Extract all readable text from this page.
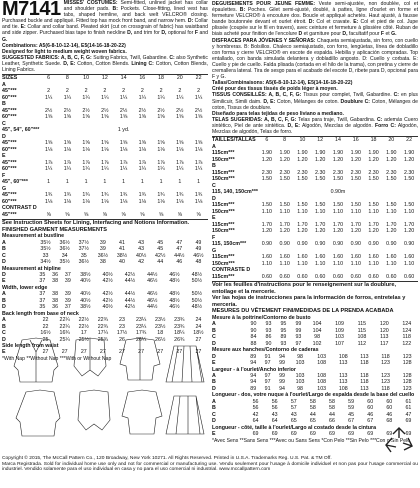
M7141 MISSES' COSTUMES: Semi-fitted, unlined jacket has collar and shoulder pads. B: Pockets. Close-fitting, lined vest has tabs, shaped hemline, and back welt VELCRO® closing. Purchased buckle and appliqué. Fitted top has mock front band, and narrow hem. D: Collar and tie. E: Collar and collar band. Pleated skirt (cut on crossgrain of fabric) has waistband and side zipper. Purchased bias tape to finish neckline D, and trim for D, optional for F and G.

Combinations: A5(6-8-10-12-14), E5(14-16-18-20-22)

Designed for light to medium weight woven fabrics.

SUGGESTED FABRICS: A, B, C, F, G: Suiting Fabrics, Twill, Gabardine. C: also Synthetic Leather, Synthetic Suede. D, E: Cotton, Cotton Blends. Lining C: Cotton, Cotton Blends, Lining Fabrics.

SIZES	6	8	10	12	14	16	18	20	22
A									
45"***	2	2	2	2	2	2	2	2	2
60"***	1¼	1¼	1¼	1¼	1¼	1¼	1¼	1¼	1¼
B									
45"***	2½	2½	2½	2½	2½	2½	2½	2½	2½
60"***	1⅝	1⅝	1⅝	1⅝	1⅝	1⅝	1⅝	1⅝	1⅝
C									
45", 54", 60"***	1 yd.								
D									
45"***	1⅝	1⅝	1⅝	1⅝	1⅝	1⅝	1⅝	1⅝	1⅝
60"***	1⅛	1⅛	1⅛	1⅛	1⅛	1⅛	1⅛	1⅛	1⅛
E									
45"***	1⅞	1⅞	1⅞	1⅞	1⅞	1⅞	1⅞	1⅞	1⅞
60"***	1¼	1¼	1¼	1¼	1¼	1¼	1¼	1¼	1¼
F									
45", 60"***	1	1	1	1	1	1	1	1	1
G									
45"***	1¾	1¾	1¾	1¾	1¾	1¾	1¾	1¾	1¾
60"***	1⅛	1⅛	1⅛	1⅛	1⅛	1⅛	1⅛	1⅛	1⅛
CONTRAST D									
45"***	⅝	⅝	⅝	⅝	⅝	⅝	⅝	⅝	⅝

See Instruction Sheets for Lining, Interfacing and Notions Information.

FINISHED GARMENT MEASUREMENTS

Measurement at bustline

A	35½	36½	37½	39	41	43	45	47	49
B	35½	36½	37½	39	41	43	45	47	49
C	33	34	35	36½	38½	40½	42½	44½	46½
D	34½	35½	36½	38	40	42	44	46	48

Measurement at hipline

D	35	36	37	38½	40½	42½	44½	46½	48½
E	37	38	39	40½	42½	44½	46½	48½	50½

Width, lower edge

A	37	38	39	40½	42½	44½	46½	48½	50½
B	37	38	39	40½	42½	44½	46½	48½	50½
D	35	36	37	38½	40½	42½	44½	46½	48½

Back length from base of neck

A	22	22¼	22½	22¾	23	23¼	23½	23¾	24
B	22	22¼	22½	22¾	23	23¼	23½	23¾	24
C	16½	16¾	17	17¼	17½	17¾	18	18¼	18½
D	25	25¼	25½	25¾	26	26¼	26½	26¾	27

Side length from waist

E	27	27	27	27	27	27	27	27	27

*With Nap **Without Nap ***With or Without Nap

DÉGUISEMENTS POUR JEUNE FEMME: Veste semi-ajustée, non doublée, col et épaulettes. B: Poches. Gilet semi-ajusté, doublé, à pattes, ligne d'ourlet en forme et fermeture VELCRO® à encoulure dos. Boucle et appliqué achetés. Haut ajusté, à fausse bande boutonnée devant et ourlet étroit. D: Col et cravate. E: Col et pied de col. Jupe plissée (coupée sur le fil en travers), avec ceinture et fermeture à glissière côté. Ruban de biais acheté pour finition de l'encolure D et garniture pour D, facultatif pour F et G.

DISFRACES PARA JÓVENES Y SEÑORAS: Chaqueta semiajustada, sin forro, con cuello y hombreras. B: Bolsillos. Chaleco semiajustado, con forro, lengüetas, línea de dobladillo con forma y cierre VELCRO® en escote de espalda. Hebilla y aplicación compradas. Top entallado, con banda simulada delantera y dobladillo angosto. D: Cuello y corbata. E: Cuello y pie de cuello. Falda plisada (cortada en el hilo de la trama), con pretina y cierre de cremallera lateral. Tira de sesgo para el acabado del escote D, ribete para D, opcional para F y G.

Tallas/Combinaisons: A5(6-8-10-12-14), E5(14-16-18-20-22)

Créé pour des tissus tissés de poids léger à moyen.

TISSUS CONSEILLÉS: A, B, C, F, G: Tissus pour complet, Twill, Gabardine. C: en plus Similicuir, Simili daim. D, E: Coton, Mélanges de coton. Doublure C: Coton, Mélanges de coton, Tissus de doublure.

Diseñado para telas tejidas de peso liviano a mediano.

TELAS SUGERIDAS: A, B, C, F, G: Telas para traje, Twill, Gabardina. C: además Cuero sintético, Piel de ante sintética. D, E: Algodón, Mezclas de algodón. Forro C: Algodón, Mezclas de algodón, Telas de forro.

TAILLES/TALLAS	6	8	10	12	14	16	18	20	22
A									
115cm***	1.90	1.90	1.90	1.90	1.90	1.90	1.90	1.90	1.90
150cm***	1.20	1.20	1.20	1.20	1.20	1.20	1.20	1.20	1.20
B									
115cm***	2.30	2.30	2.30	2.30	2.30	2.30	2.30	2.30	2.30
150cm***	1.50	1.50	1.50	1.50	1.50	1.50	1.50	1.50	1.50
C									
115, 140, 150cm***	0.90m								
D									
115cm***	1.50	1.50	1.50	1.50	1.50	1.50	1.50	1.50	1.50
150cm***	1.10	1.10	1.10	1.10	1.10	1.10	1.10	1.10	1.10
E									
115cm***	1.70	1.70	1.70	1.70	1.70	1.70	1.70	1.70	1.70
150cm***	1.20	1.20	1.20	1.20	1.20	1.20	1.20	1.20	1.20
F									
115, 150cm***	0.90	0.90	0.90	0.90	0.90	0.90	0.90	0.90	0.90
G									
115cm***	1.60	1.60	1.60	1.60	1.60	1.60	1.60	1.60	1.60
150cm***	1.10	1.10	1.10	1.10	1.10	1.10	1.10	1.10	1.10
CONTRASTE D									
115cm***	0.60	0.60	0.60	0.60	0.60	0.60	0.60	0.60	0.60

Voir les feuilles d'instructions pour le renseignement sur la doublure, entoilage et la mercerie.

Ver las hojas de instrucciones para la información de forros, entretelas y mercería.

MESURES DU VÊTEMENT FINI/MEDIDAS DE LA PRENDA ACABADA

Mesure à la poitrine/Contorno de busto

A	90	93	95	99	104	109	115	120	124
B	90	93	95	99	104	109	115	120	124
C	84	86	89	93	98	103	108	113	118
D	88	90	93	97	102	107	112	117	122

Mesure aux hanches/Contorno de caderas

D	89	91	94	98	103	108	113	118	123
E	94	97	99	103	108	113	118	123	128

Largeur - à l'ourlet/Ancho inferior

A	94	97	99	103	108	113	118	123	128
B	94	97	99	103	108	113	118	123	128
D	89	91	94	98	103	108	113	118	123

Longueur - dos, votre nuque à l'ourlet/Largo de espalda desde la base del cuello

A	56	56	57	58	58	59	60	60	61
B	56	56	57	58	58	59	60	60	61
C	42	43	43	44	44	45	46	46	47
D	64	64	65	65	66	67	67	68	69

Longueur - côté, taille à l'ourlet/Largo al costado desde la cintura

E	69	69	69	69	69	69	69	69	69

*Avec Sens **Sans Sens ***Avec ou Sans Sens *Con Pelo **Sin Pelo ***Con o Sin Pelo

Copyright © 2015, The McCall Pattern Co., 120 Broadway, New York 10271. All Rights Reserved. Printed in U.S.A. Trademarks Reg. U.S. Pat. & TM Off.
Marca Registrada. Sold for individual home use only and not for commercial or manufacturing use. Vendu seulement pour l'usage à domicile individuel et non pas pour l'usage commercial ou industriel. Vendido solamente para el uso individual en casa y no para el uso comercial ni industrial. www.mccallpattern.com
